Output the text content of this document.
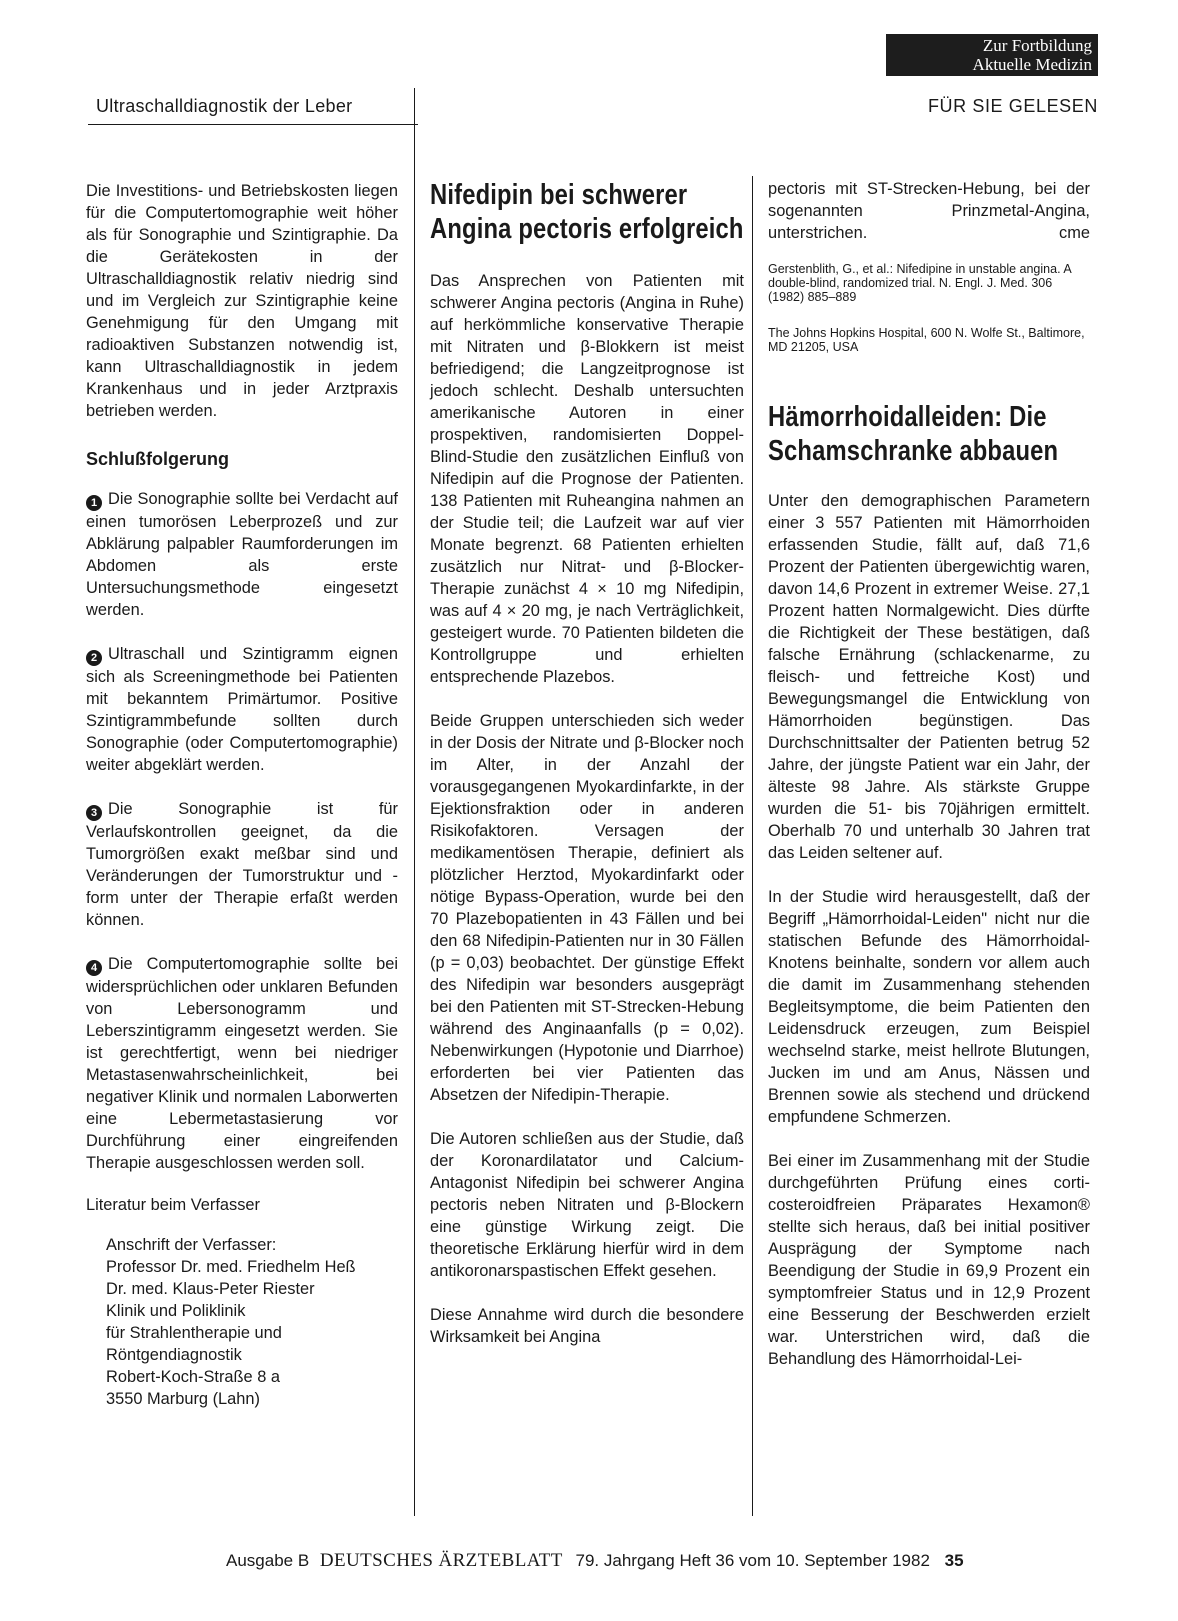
Zur Fortbildung
Aktuelle Medizin
Ultraschalldiagnostik der Leber	FÜR SIE GELESEN

Die Investitions- und Betriebskosten liegen für die Computertomographie weit höher als für Sonographie und Szintigraphie. Da die Gerätekosten in der Ultraschalldiagnostik relativ niedrig sind und im Vergleich zur Szintigraphie keine Genehmigung für den Umgang mit radioaktiven Substanzen notwendig ist, kann Ultraschalldiagnostik in jedem Krankenhaus und in jeder Arztpraxis betrieben werden.

Schlußfolgerung

1 Die Sonographie sollte bei Verdacht auf einen tumorösen Leberprozeß und zur Abklärung palpabler Raumforderungen im Abdomen als erste Untersuchungsmethode eingesetzt werden.

2 Ultraschall und Szintigramm eignen sich als Screeningmethode bei Patienten mit bekanntem Primärtumor. Positive Szintigrammbefunde sollten durch Sonographie (oder Computertomographie) weiter abgeklärt werden.

3 Die Sonographie ist für Verlaufskontrollen geeignet, da die Tumorgrößen exakt meßbar sind und Veränderungen der Tumorstruktur und -form unter der Therapie erfaßt werden können.

4 Die Computertomographie sollte bei widersprüchlichen oder unklaren Befunden von Lebersonogramm und Leberszintigramm eingesetzt werden. Sie ist gerechtfertigt, wenn bei niedriger Metastasenwahrscheinlichkeit, bei negativer Klinik und normalen Laborwerten eine Lebermetastasierung vor Durchführung einer eingreifenden Therapie ausgeschlossen werden soll.

Literatur beim Verfasser
Anschrift der Verfasser:
Professor Dr. med. Friedhelm Heß
Dr. med. Klaus-Peter Riester
Klinik und Poliklinik
für Strahlentherapie und
Röntgendiagnostik
Robert-Koch-Straße 8 a
3550 Marburg (Lahn)
Nifedipin bei schwerer Angina pectoris erfolgreich

Das Ansprechen von Patienten mit schwerer Angina pectoris (Angina in Ruhe) auf herkömmliche konservative Therapie mit Nitraten und β-Blokkern ist meist befriedigend; die Langzeitprognose ist jedoch schlecht. Deshalb untersuchten amerikanische Autoren in einer prospektiven, randomisierten Doppel-Blind-Studie den zusätzlichen Einfluß von Nifedipin auf die Prognose der Patienten. 138 Patienten mit Ruheangina nahmen an der Studie teil; die Laufzeit war auf vier Monate begrenzt. 68 Patienten erhielten zusätzlich nur Nitrat- und β-Blocker-Therapie zunächst 4 × 10 mg Nifedipin, was auf 4 × 20 mg, je nach Verträglichkeit, gesteigert wurde. 70 Patienten bildeten die Kontrollgruppe und erhielten entsprechende Plazebos.

Beide Gruppen unterschieden sich weder in der Dosis der Nitrate und β-Blocker noch im Alter, in der Anzahl der vorausgegangenen Myokardinfarkte, in der Ejektionsfraktion oder in anderen Risikofaktoren. Versagen der medikamentösen Therapie, definiert als plötzlicher Herztod, Myokardinfarkt oder nötige Bypass-Operation, wurde bei den 70 Plazebopatienten in 43 Fällen und bei den 68 Nifedipin-Patienten nur in 30 Fällen (p = 0,03) beobachtet. Der günstige Effekt des Nifedipin war besonders ausgeprägt bei den Patienten mit ST-Strecken-Hebung während des Anginaanfalls (p = 0,02). Nebenwirkungen (Hypotonie und Diarrhoe) erforderten bei vier Patienten das Absetzen der Nifedipin-Therapie.

Die Autoren schließen aus der Studie, daß der Koronardilatator und Calcium-Antagonist Nifedipin bei schwerer Angina pectoris neben Nitraten und β-Blockern eine günstige Wirkung zeigt. Die theoretische Erklärung hierfür wird in dem antikoronarspastischen Effekt gesehen.

Diese Annahme wird durch die besondere Wirksamkeit bei Angina

pectoris mit ST-Strecken-Hebung, bei der sogenannten Prinzmetal-Angina, unterstrichen.	cme

Gerstenblith, G., et al.: Nifedipine in unstable angina. A double-blind, randomized trial. N. Engl. J. Med. 306 (1982) 885–889

The Johns Hopkins Hospital, 600 N. Wolfe St., Baltimore, MD 21205, USA

Hämorrhoidalleiden: Die Schamschranke abbauen

Unter den demographischen Parametern einer 3 557 Patienten mit Hämorrhoiden erfassenden Studie, fällt auf, daß 71,6 Prozent der Patienten übergewichtig waren, davon 14,6 Prozent in extremer Weise. 27,1 Prozent hatten Normalgewicht. Dies dürfte die Richtigkeit der These bestätigen, daß falsche Ernährung (schlackenarme, zu fleisch- und fettreiche Kost) und Bewegungsmangel die Entwicklung von Hämorrhoiden begünstigen. Das Durchschnittsalter der Patienten betrug 52 Jahre, der jüngste Patient war ein Jahr, der älteste 98 Jahre. Als stärkste Gruppe wurden die 51- bis 70jährigen ermittelt. Oberhalb 70 und unterhalb 30 Jahren trat das Leiden seltener auf.

In der Studie wird herausgestellt, daß der Begriff „Hämorrhoidal-Leiden" nicht nur die statischen Befunde des Hämorrhoidal-Knotens beinhalte, sondern vor allem auch die damit im Zusammenhang stehenden Begleitsymptome, die beim Patienten den Leidensdruck erzeugen, zum Beispiel wechselnd starke, meist hellrote Blutungen, Jucken im und am Anus, Nässen und Brennen sowie als stechend und drückend empfundene Schmerzen.

Bei einer im Zusammenhang mit der Studie durchgeführten Prüfung eines corti-costeroidfreien Präparates Hexamon® stellte sich heraus, daß bei initial positiver Ausprägung der Symptome nach Beendigung der Studie in 69,9 Prozent ein symptomfreier Status und in 12,9 Prozent eine Besserung der Beschwerden erzielt war. Unterstrichen wird, daß die Behandlung des Hämorrhoidal-Lei-

Ausgabe B DEUTSCHES ÄRZTEBLATT 79. Jahrgang Heft 36 vom 10. September 1982 35
